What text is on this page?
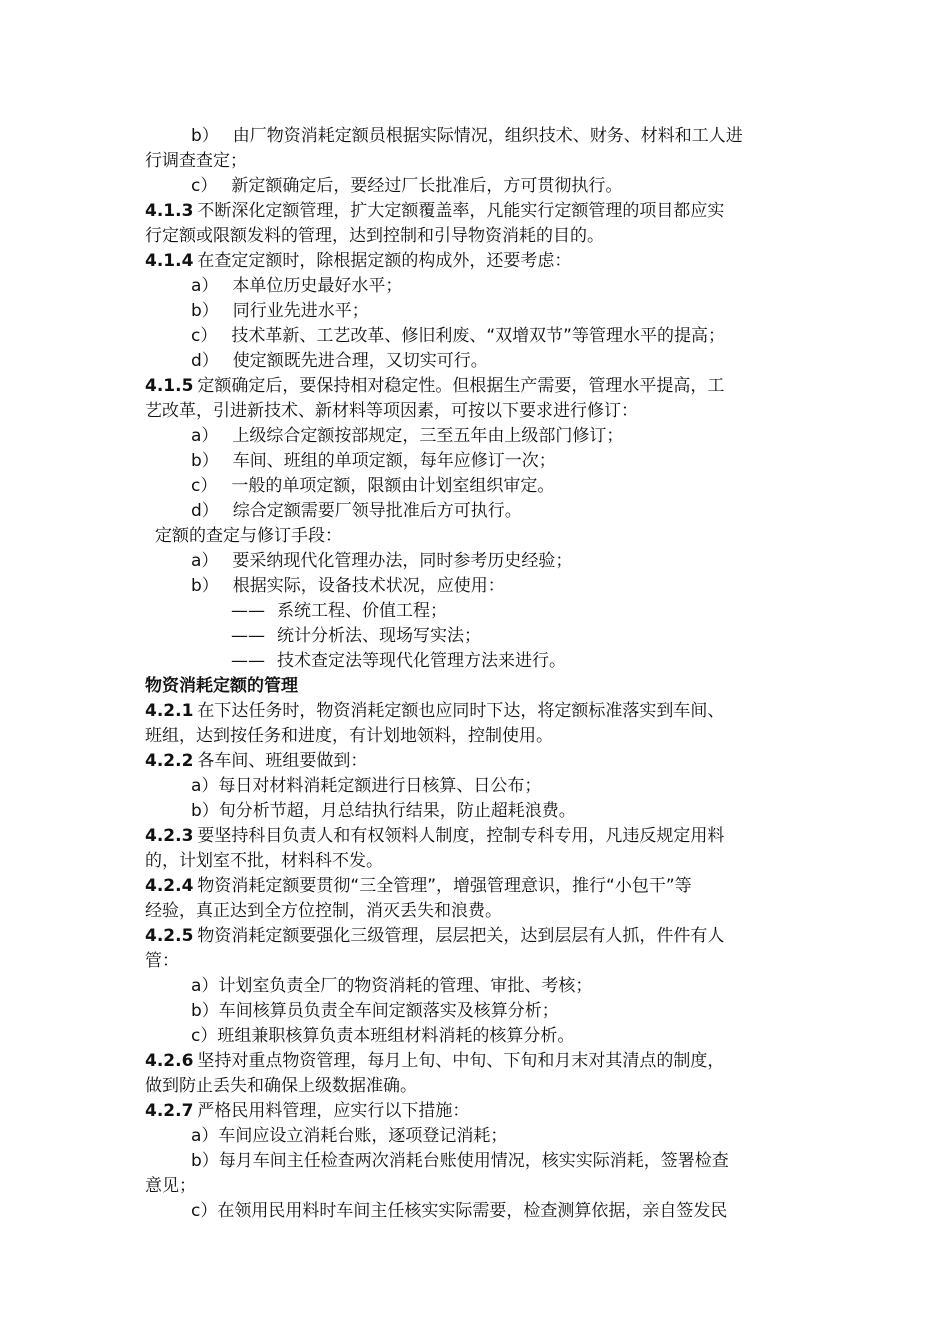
b） 由厂物资消耗定额员根据实际情况，组织技术、财务、材料和工人进
行调查查定；
c） 新定额确定后，要经过厂长批准后，方可贯彻执行。
4.1.3 不断深化定额管理，扩大定额覆盖率，凡能实行定额管理的项目都应实
行定额或限额发料的管理，达到控制和引导物资消耗的目的。
4.1.4 在查定定额时，除根据定额的构成外，还要考虑：
a） 本单位历史最好水平；
b） 同行业先进水平；
c） 技术革新、工艺改革、修旧利废、“双增双节”等管理水平的提高；
d） 使定额既先进合理，又切实可行。
4.1.5 定额确定后，要保持相对稳定性。但根据生产需要，管理水平提高，工
艺改革，引进新技术、新材料等项因素，可按以下要求进行修订：
a） 上级综合定额按部规定，三至五年由上级部门修订；
b） 车间、班组的单项定额，每年应修订一次；
c） 一般的单项定额，限额由计划室组织审定。
d） 综合定额需要厂领导批准后方可执行。
定额的查定与修订手段：
a） 要采纳现代化管理办法，同时参考历史经验；
b） 根据实际，设备技术状况，应使用：
—— 系统工程、价值工程；
—— 统计分析法、现场写实法；
—— 技术查定法等现代化管理方法来进行。
物资消耗定额的管理
4.2.1 在下达任务时，物资消耗定额也应同时下达，将定额标准落实到车间、
班组，达到按任务和进度，有计划地领料，控制使用。
4.2.2 各车间、班组要做到：
a）每日对材料消耗定额进行日核算、日公布；
b）旬分析节超，月总结执行结果，防止超耗浪费。
4.2.3 要坚持科目负责人和有权领料人制度，控制专科专用，凡违反规定用料
的，计划室不批，材料科不发。
4.2.4 物资消耗定额要贯彻“三全管理”，增强管理意识，推行“小包干”等
经验，真正达到全方位控制，消灭丢失和浪费。
4.2.5 物资消耗定额要强化三级管理，层层把关，达到层层有人抓，件件有人
管：
a）计划室负责全厂的物资消耗的管理、审批、考核；
b）车间核算员负责全车间定额落实及核算分析；
c）班组兼职核算负责本班组材料消耗的核算分析。
4.2.6 坚持对重点物资管理，每月上旬、中旬、下旬和月末对其清点的制度，
做到防止丢失和确保上级数据准确。
4.2.7 严格民用料管理，应实行以下措施：
a）车间应设立消耗台账，逐项登记消耗；
b）每月车间主任检查两次消耗台账使用情况，核实实际消耗，签署检查
意见；
c）在领用民用料时车间主任核实实际需要，检查测算依据，亲自签发民
